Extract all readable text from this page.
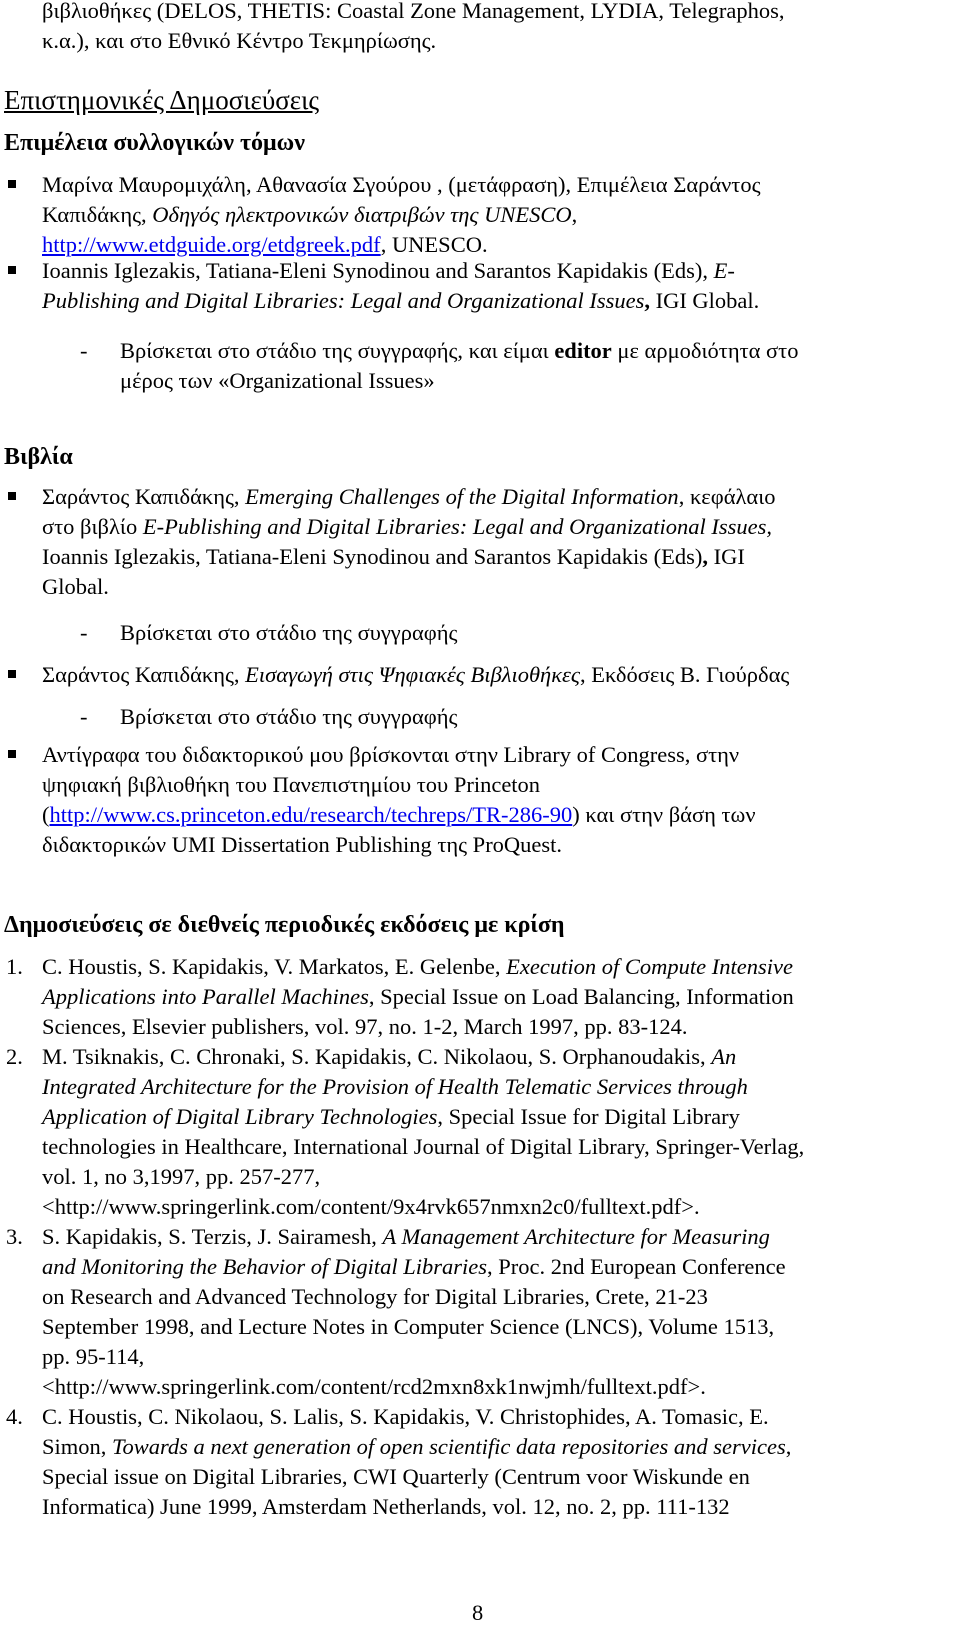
βιβλιοθήκες (DELOS, THETIS: Coastal Zone Management, LYDIA, Telegraphos,
κ.α.), και στο Εθνικό Κέντρο Τεκμηρίωσης.
Επιστημονικές Δημοσιεύσεις
Επιμέλεια συλλογικών τόμων
Μαρίνα Μαυρομιχάλη, Αθανασία Σγούρου , (μετάφραση), Επιμέλεια Σαράντος
Καπιδάκης, Οδηγός ηλεκτρονικών διατριβών της UNESCO,
http://www.etdguide.org/etdgreek.pdf, UNESCO.
Ioannis Iglezakis, Tatiana-Eleni Synodinou and Sarantos Kapidakis (Eds), E-
Publishing and Digital Libraries: Legal and Organizational Issues, IGI Global.
- Βρίσκεται στο στάδιο της συγγραφής, και είμαι editor με αρμοδιότητα στο
μέρος των «Organizational Issues»
Βιβλία
Σαράντος Καπιδάκης, Emerging Challenges of the Digital Information, κεφάλαιο
στο βιβλίο E-Publishing and Digital Libraries: Legal and Organizational Issues,
Ioannis Iglezakis, Tatiana-Eleni Synodinou and Sarantos Kapidakis (Eds), IGI
Global.
- Βρίσκεται στο στάδιο της συγγραφής
Σαράντος Καπιδάκης, Εισαγωγή στις Ψηφιακές Βιβλιοθήκες, Εκδόσεις Β. Γιούρδας
- Βρίσκεται στο στάδιο της συγγραφής
Αντίγραφα του διδακτορικού μου βρίσκονται στην Library of Congress, στην
ψηφιακή βιβλιοθήκη του Πανεπιστημίου του Princeton
(http://www.cs.princeton.edu/research/techreps/TR-286-90) και στην βάση των
διδακτορικών UMI Dissertation Publishing της ProQuest.
Δημοσιεύσεις σε διεθνείς περιοδικές εκδόσεις με κρίση
1. C. Houstis, S. Kapidakis, V. Markatos, E. Gelenbe, Execution of Compute Intensive
Applications into Parallel Machines, Special Issue on Load Balancing, Information
Sciences, Elsevier publishers, vol. 97, no. 1-2, March 1997, pp. 83-124.
2. M. Tsiknakis, C. Chronaki, S. Kapidakis, C. Nikolaou, S. Orphanoudakis, An
Integrated Architecture for the Provision of Health Telematic Services through
Application of Digital Library Technologies, Special Issue for Digital Library
technologies in Healthcare, International Journal of Digital Library, Springer-Verlag,
vol. 1, no 3,1997, pp. 257-277,
<http://www.springerlink.com/content/9x4rvk657nmxn2c0/fulltext.pdf>.
3. S. Kapidakis, S. Terzis, J. Sairamesh, A Management Architecture for Measuring
and Monitoring the Behavior of Digital Libraries, Proc. 2nd European Conference
on Research and Advanced Technology for Digital Libraries, Crete, 21-23
September 1998, and Lecture Notes in Computer Science (LNCS), Volume 1513,
pp. 95-114,
<http://www.springerlink.com/content/rcd2mxn8xk1nwjmh/fulltext.pdf>.
4. C. Houstis, C. Nikolaou, S. Lalis, S. Kapidakis, V. Christophides, A. Tomasic, E.
Simon, Towards a next generation of open scientific data repositories and services,
Special issue on Digital Libraries, CWI Quarterly (Centrum voor Wiskunde en
Informatica) June 1999, Amsterdam Netherlands, vol. 12, no. 2, pp. 111-132
8
